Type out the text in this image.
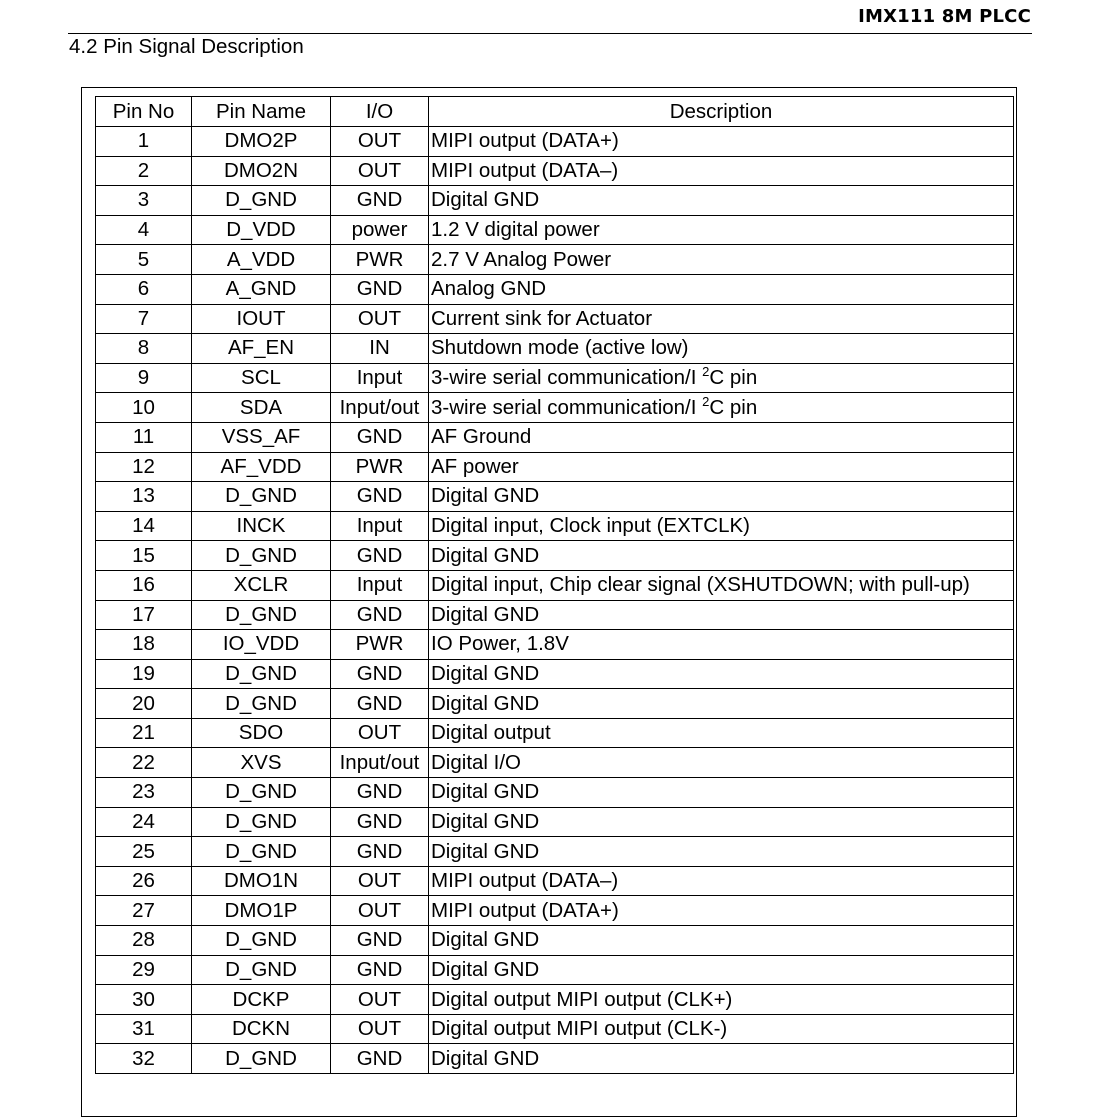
IMX111 8M PLCC
4.2 Pin Signal Description
Pin No	Pin Name	I/O	Description
1	DMO2P	OUT	MIPI output (DATA+)
2	DMO2N	OUT	MIPI output (DATA–)
3	D_GND	GND	Digital GND
4	D_VDD	power	1.2 V digital power
5	A_VDD	PWR	2.7 V Analog Power
6	A_GND	GND	Analog GND
7	IOUT	OUT	Current sink for Actuator
8	AF_EN	IN	Shutdown mode (active low)
9	SCL	Input	3-wire serial communication/I $^2$C pin
10	SDA	Input/out	3-wire serial communication/I $^2$C pin
11	VSS_AF	GND	AF Ground
12	AF_VDD	PWR	AF power
13	D_GND	GND	Digital GND
14	INCK	Input	Digital input, Clock input (EXTCLK)
15	D_GND	GND	Digital GND
16	XCLR	Input	Digital input, Chip clear signal (XSHUTDOWN; with pull-up)
17	D_GND	GND	Digital GND
18	IO_VDD	PWR	IO Power, 1.8V
19	D_GND	GND	Digital GND
20	D_GND	GND	Digital GND
21	SDO	OUT	Digital output
22	XVS	Input/out	Digital I/O
23	D_GND	GND	Digital GND
24	D_GND	GND	Digital GND
25	D_GND	GND	Digital GND
26	DMO1N	OUT	MIPI output (DATA–)
27	DMO1P	OUT	MIPI output (DATA+)
28	D_GND	GND	Digital GND
29	D_GND	GND	Digital GND
30	DCKP	OUT	Digital output MIPI output (CLK+)
31	DCKN	OUT	Digital output MIPI output (CLK-)
32	D_GND	GND	Digital GND
